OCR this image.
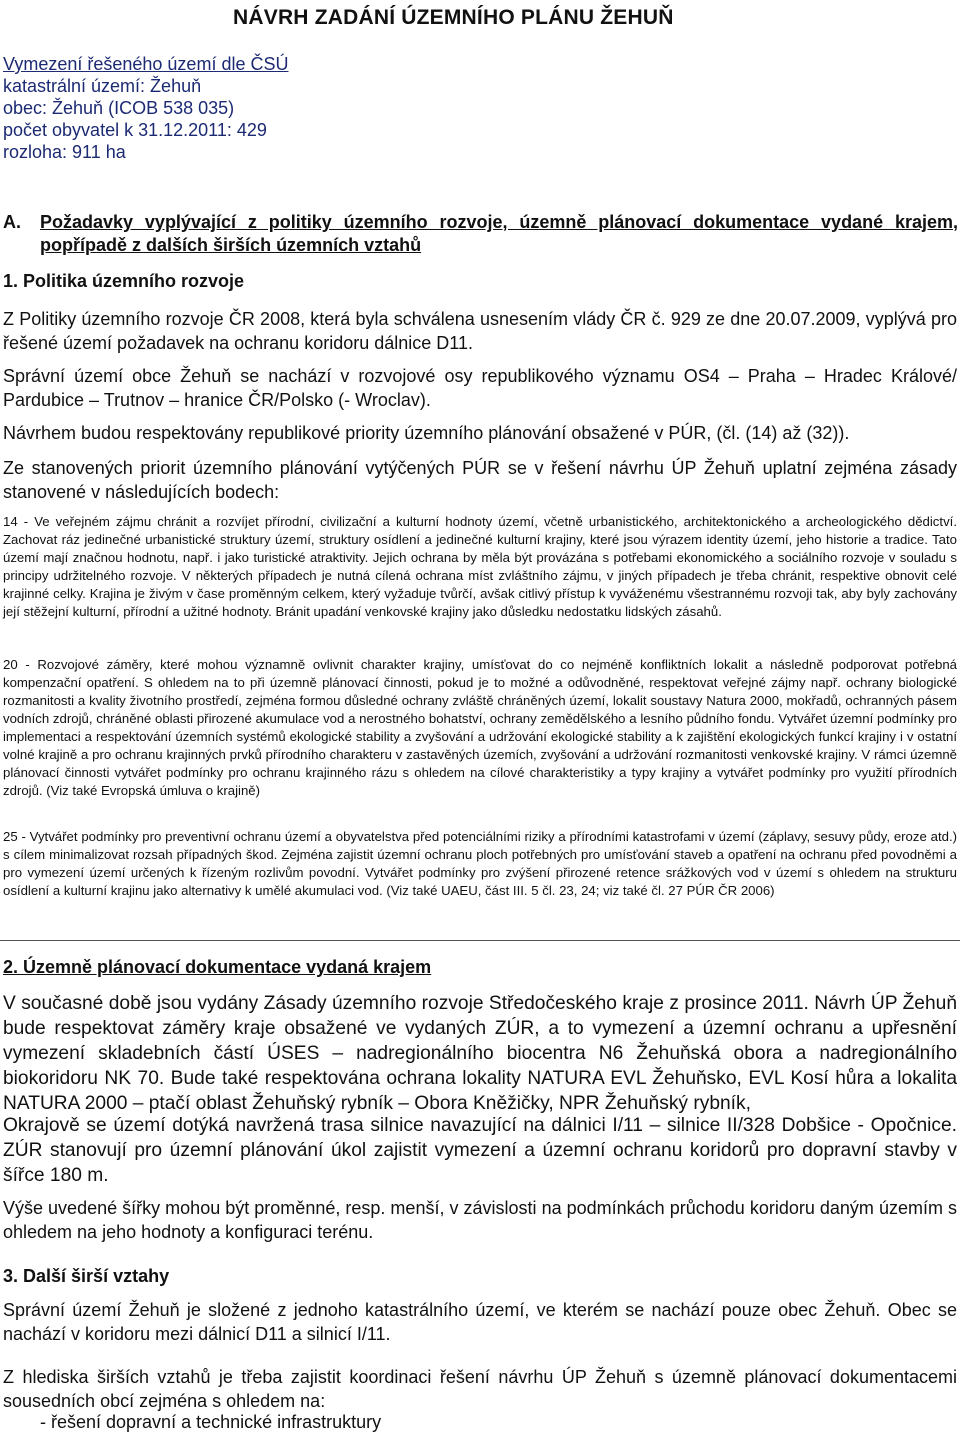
NÁVRH ZADÁNÍ ÚZEMNÍHO PLÁNU ŽEHUŇ
Vymezení řešeného území dle ČSÚ
katastrální území: Žehuň
obec: Žehuň (ICOB 538 035)
počet obyvatel k 31.12.2011: 429
rozloha: 911 ha
A. Požadavky vyplývající z politiky územního rozvoje, územně plánovací dokumentace vydané krajem, popřípadě z dalších širších územních vztahů
1. Politika územního rozvoje
Z Politiky územního rozvoje ČR 2008, která byla schválena usnesením vlády ČR č. 929 ze dne 20.07.2009, vyplývá pro řešené území požadavek na ochranu koridoru dálnice D11.
Správní území obce Žehuň se nachází v rozvojové osy republikového významu OS4 – Praha – Hradec Králové/ Pardubice – Trutnov – hranice ČR/Polsko (- Wroclav).
Návrhem budou respektovány republikové priority územního plánování obsažené v PÚR, (čl. (14) až (32)).
Ze stanovených priorit územního plánování vytýčených PÚR se v řešení návrhu ÚP Žehuň uplatní zejména zásady stanovené v následujících bodech:
14 - Ve veřejném zájmu chránit a rozvíjet přírodní, civilizační a kulturní hodnoty území, včetně urbanistického, architektonického a archeologického dědictví. Zachovat ráz jedinečné urbanistické struktury území, struktury osídlení a jedinečné kulturní krajiny, které jsou výrazem identity území, jeho historie a tradice. Tato území mají značnou hodnotu, např. i jako turistické atraktivity. Jejich ochrana by měla být provázána s potřebami ekonomického a sociálního rozvoje v souladu s principy udržitelného rozvoje. V některých případech je nutná cílená ochrana míst zvláštního zájmu, v jiných případech je třeba chránit, respektive obnovit celé krajinné celky. Krajina je živým v čase proměnným celkem, který vyžaduje tvůrčí, avšak citlivý přístup k vyváženému všestrannému rozvoji tak, aby byly zachovány její stěžejní kulturní, přírodní a užitné hodnoty. Bránit upadání venkovské krajiny jako důsledku nedostatku lidských zásahů.
20 - Rozvojové záměry, které mohou významně ovlivnit charakter krajiny, umísťovat do co nejméně konfliktních lokalit a následně podporovat potřebná kompenzační opatření. S ohledem na to při územně plánovací činnosti, pokud je to možné a odůvodněné, respektovat veřejné zájmy např. ochrany biologické rozmanitosti a kvality životního prostředí, zejména formou důsledné ochrany zvláště chráněných území, lokalit soustavy Natura 2000, mokřadů, ochranných pásem vodních zdrojů, chráněné oblasti přirozené akumulace vod a nerostného bohatství, ochrany zemědělského a lesního půdního fondu. Vytvářet územní podmínky pro implementaci a respektování územních systémů ekologické stability a zvyšování a udržování ekologické stability a k zajištění ekologických funkcí krajiny i v ostatní volné krajině a pro ochranu krajinných prvků přírodního charakteru v zastavěných územích, zvyšování a udržování rozmanitosti venkovské krajiny. V rámci územně plánovací činnosti vytvářet podmínky pro ochranu krajinného rázu s ohledem na cílové charakteristiky a typy krajiny a vytvářet podmínky pro využití přírodních zdrojů. (Viz také Evropská úmluva o krajině)
25 - Vytvářet podmínky pro preventivní ochranu území a obyvatelstva před potenciálními riziky a přírodními katastrofami v území (záplavy, sesuvy půdy, eroze atd.) s cílem minimalizovat rozsah případných škod. Zejména zajistit územní ochranu ploch potřebných pro umísťování staveb a opatření na ochranu před povodněmi a pro vymezení území určených k řízeným rozlivům povodní. Vytvářet podmínky pro zvýšení přirozené retence srážkových vod v území s ohledem na strukturu osídlení a kulturní krajinu jako alternativy k umělé akumulaci vod. (Viz také UAEU, část III. 5 čl. 23, 24; viz také čl. 27 PÚR ČR 2006)
2. Územně plánovací dokumentace vydaná krajem
V současné době jsou vydány Zásady územního rozvoje Středočeského kraje z prosince 2011. Návrh ÚP Žehuň bude respektovat záměry kraje obsažené ve vydaných ZÚR, a to vymezení a územní ochranu a upřesnění vymezení skladebních částí ÚSES – nadregionálního biocentra N6 Žehuňská obora a nadregionálního biokoridoru NK 70. Bude také respektována ochrana lokality NATURA EVL Žehuňsko, EVL Kosí hůra a lokalita NATURA 2000 – ptačí oblast Žehuňský rybník – Obora Kněžičky, NPR Žehuňský rybník,
Okrajově se území dotýká navržená trasa silnice navazující na dálnici I/11 – silnice II/328 Dobšice - Opočnice. ZÚR stanovují pro územní plánování úkol zajistit vymezení a územní ochranu koridorů pro dopravní stavby v šířce 180 m.
Výše uvedené šířky mohou být proměnné, resp. menší, v závislosti na podmínkách průchodu koridoru daným územím s ohledem na jeho hodnoty a konfiguraci terénu.
3. Další širší vztahy
Správní území Žehuň je složené z jednoho katastrálního území, ve kterém se nachází pouze obec Žehuň. Obec se nachází v koridoru mezi dálnicí D11 a silnicí I/11.
Z hlediska širších vztahů je třeba zajistit koordinaci řešení návrhu ÚP Žehuň s územně plánovací dokumentacemi sousedních obcí zejména s ohledem na:
- řešení dopravní a technické infrastruktury
